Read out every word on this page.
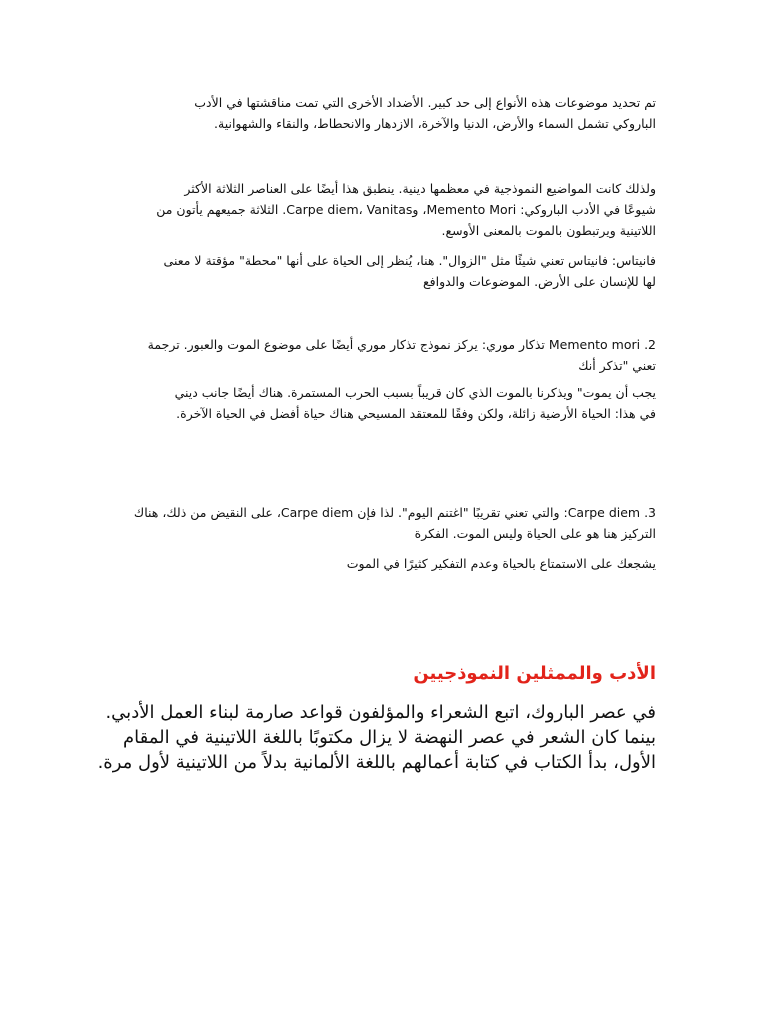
تم تحديد موضوعات هذه الأنواع إلى حد كبير. الأضداد الأخرى التي تمت مناقشتها في الأدب
الباروكي تشمل السماء والأرض، الدنيا والآخرة، الازدهار والانحطاط، والنقاء والشهوانية.

ولذلك كانت المواضيع النموذجية في معظمها دينية. ينطبق هذا أيضًا على العناصر الثلاثة الأكثر
شيوعًا في الأدب الباروكي: Memento Mori، وCarpe diem، Vanitas. الثلاثة جميعهم يأتون من
اللاتينية ويرتبطون بالموت بالمعنى الأوسع.

فانيتاس: فانيتاس تعني شيئًا مثل "الزوال". هنا، يُنظر إلى الحياة على أنها "محطة" مؤقتة لا معنى
لها للإنسان على الأرض. الموضوعات والدوافع

2. Memento mori تذكار موري: يركز نموذج تذكار موري أيضًا على موضوع الموت والعبور. ترجمة
تعني "تذكر أنك

يجب أن يموت" ويذكرنا بالموت الذي كان قريباً بسبب الحرب المستمرة. هناك أيضًا جانب ديني
في هذا: الحياة الأرضية زائلة، ولكن وفقًا للمعتقد المسيحي هناك حياة أفضل في الحياة الآخرة.

3. Carpe diem: والتي تعني تقريبًا "اغتنم اليوم". لذا فإن Carpe diem، على النقيض من ذلك، هناك
التركيز هنا هو على الحياة وليس الموت. الفكرة

يشجعك على الاستمتاع بالحياة وعدم التفكير كثيرًا في الموت

الأدب والممثلين النموذجيين

في عصر الباروك، اتبع الشعراء والمؤلفون قواعد صارمة لبناء العمل الأدبي.
بينما كان الشعر في عصر النهضة لا يزال مكتوبًا باللغة اللاتينية في المقام
الأول، بدأ الكتاب في كتابة أعمالهم باللغة الألمانية بدلاً من اللاتينية لأول مرة.
